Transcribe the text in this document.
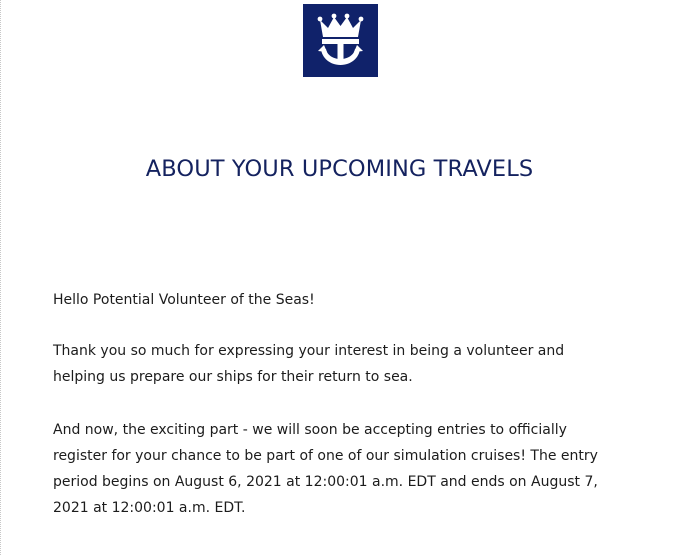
ABOUT YOUR UPCOMING TRAVELS

Hello Potential Volunteer of the Seas!

Thank you so much for expressing your interest in being a volunteer and
helping us prepare our ships for their return to sea.

And now, the exciting part - we will soon be accepting entries to officially
register for your chance to be part of one of our simulation cruises! The entry
period begins on August 6, 2021 at 12:00:01 a.m. EDT and ends on August 7,
2021 at 12:00:01 a.m. EDT.
